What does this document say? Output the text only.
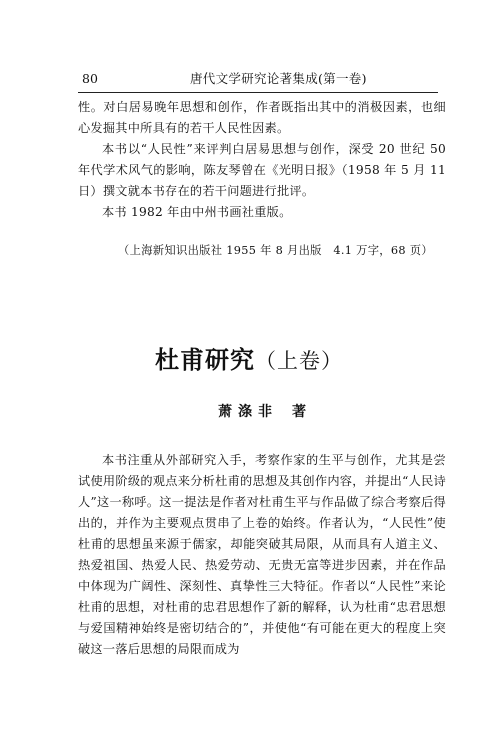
80	唐代文学研究论著集成(第一卷)

性。对白居易晚年思想和创作，作者既指出其中的消极因素，也细心发掘其中所具有的若干人民性因素。

本书以“人民性”来评判白居易思想与创作，深受 20 世纪 50 年代学术风气的影响，陈友琴曾在《光明日报》（1958 年 5 月 11 日）撰文就本书存在的若干问题进行批评。

本书 1982 年由中州书画社重版。

（上海新知识出版社 1955 年 8 月出版　4.1 万字，68 页）
杜甫研究（上卷）
萧涤非 著

本书注重从外部研究入手，考察作家的生平与创作，尤其是尝试使用阶级的观点来分析杜甫的思想及其创作内容，并提出“人民诗人”这一称呼。这一提法是作者对杜甫生平与作品做了综合考察后得出的，并作为主要观点贯串了上卷的始终。作者认为，“人民性”使杜甫的思想虽来源于儒家，却能突破其局限，从而具有人道主义、热爱祖国、热爱人民、热爱劳动、无贵无富等进步因素，并在作品中体现为广阔性、深刻性、真挚性三大特征。作者以“人民性”来论杜甫的思想，对杜甫的忠君思想作了新的解释，认为杜甫“忠君思想与爱国精神始终是密切结合的”，并使他“有可能在更大的程度上突破这一落后思想的局限而成为
